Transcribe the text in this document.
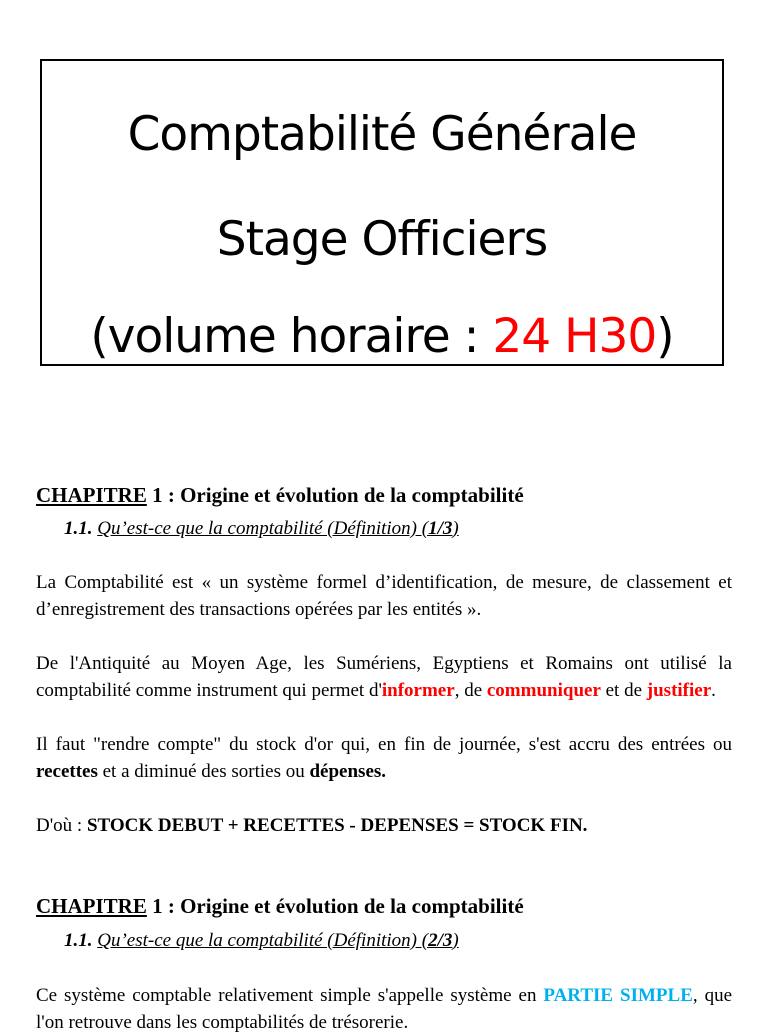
Comptabilité Générale
Stage Officiers
(volume horaire : 24 H30)
CHAPITRE 1 : Origine et évolution de la comptabilité
1.1. Qu’est-ce que la comptabilité (Définition) (1/3)
La Comptabilité est « un système formel d’identification, de mesure, de classement et d’enregistrement des transactions opérées par les entités ».
De l'Antiquité au Moyen Age, les Sumériens, Egyptiens et Romains ont utilisé la comptabilité comme instrument qui permet d'informer, de communiquer et de justifier.
Il faut "rendre compte" du stock d'or qui, en fin de journée, s'est accru des entrées ou recettes et a diminué des sorties ou dépenses.
D'où : STOCK DEBUT + RECETTES - DEPENSES = STOCK FIN.
CHAPITRE 1 : Origine et évolution de la comptabilité
1.1. Qu’est-ce que la comptabilité (Définition) (2/3)
Ce système comptable relativement simple s'appelle système en PARTIE SIMPLE, que l'on retrouve dans les comptabilités de trésorerie.
